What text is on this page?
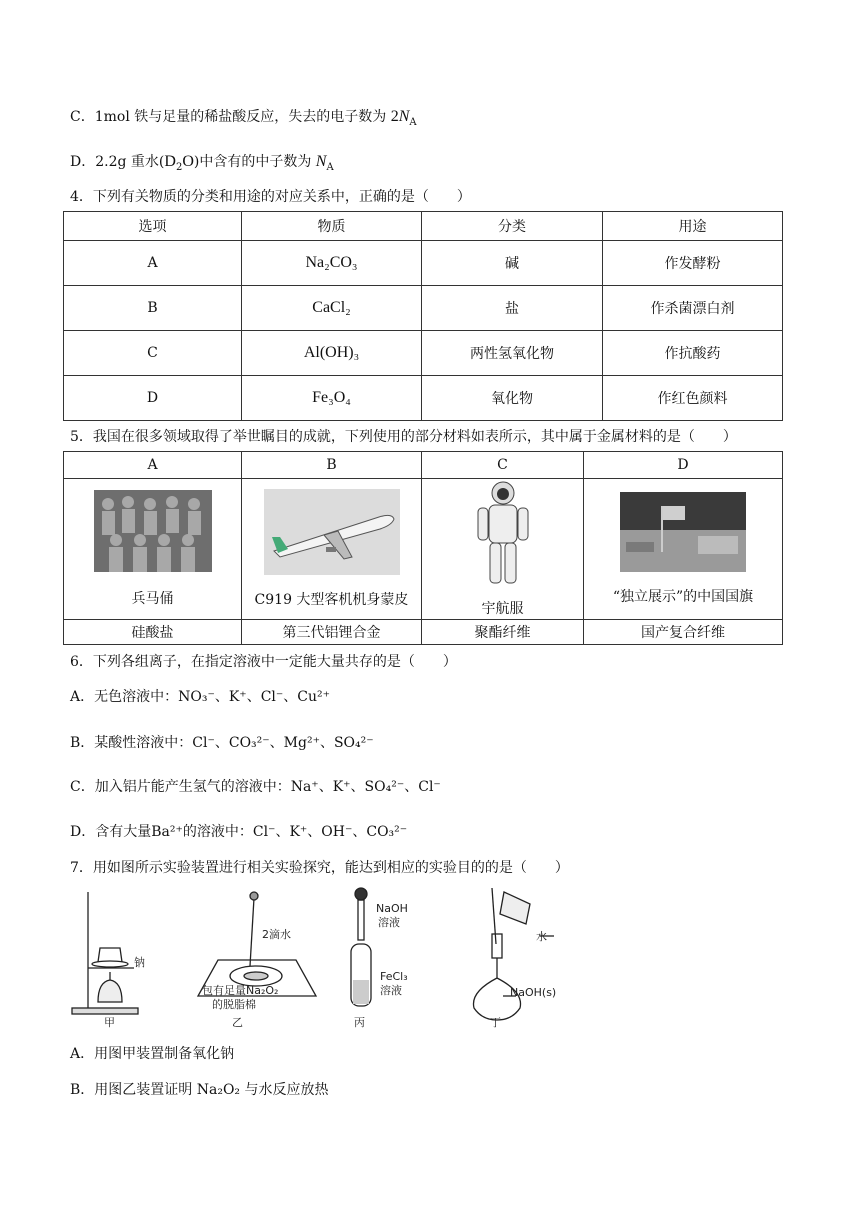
C．1mol 铁与足量的稀盐酸反应，失去的电子数为 $2N_A$
D．2.2g 重水$(D_2O)$中含有的中子数为 $N_A$
4．下列有关物质的分类和用途的对应关系中，正确的是（　　）
选项	物质	分类	用途
A	Na₂CO₃	碱	作发酵粉
B	CaCl₂	盐	作杀菌漂白剂
C	Al(OH)₃	两性氢氧化物	作抗酸药
D	Fe₃O₄	氧化物	作红色颜料
5．我国在很多领域取得了举世瞩目的成就，下列使用的部分材料如表所示，其中属于金属材料的是（　　）
A	B	C	D

兵马俑	C919 大型客机机身蒙皮	宇航服	“独立展示”的中国国旗

硅酸盐	第三代铝锂合金	聚酯纤维	国产复合纤维
6．下列各组离子，在指定溶液中一定能大量共存的是（　　）
A．无色溶液中：NO₃⁻、K⁺、Cl⁻、Cu²⁺
B．某酸性溶液中：Cl⁻、CO₃²⁻、Mg²⁺、SO₄²⁻
C．加入铝片能产生氢气的溶液中：Na⁺、K⁺、SO₄²⁻、Cl⁻
D．含有大量Ba²⁺的溶液中：Cl⁻、K⁺、OH⁻、CO₃²⁻
7．用如图所示实验装置进行相关实验探究，能达到相应的实验目的的是（　　）
钠
甲
2滴水
包有足量Na₂O₂
的脱脂棉
乙
NaOH
溶液
FeCl₃
溶液
丙
水
NaOH(s)
丁
A．用图甲装置制备氧化钠
B．用图乙装置证明 Na₂O₂ 与水反应放热
